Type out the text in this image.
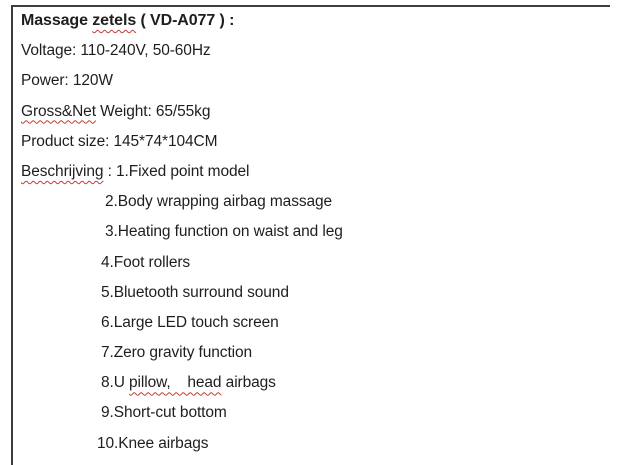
Massage zetels ( VD-A077 ) :

Voltage: 110-240V, 50-60Hz

Power: 120W

Gross&Net Weight: 65/55kg

Product size: 145*74*104CM

Beschrijving : 1.Fixed point model

2.Body wrapping airbag massage

3.Heating function on waist and leg

4.Foot rollers

5.Bluetooth surround sound

6.Large LED touch screen

7.Zero gravity function

8.U pillow,    head airbags

9.Short-cut bottom

10.Knee airbags
